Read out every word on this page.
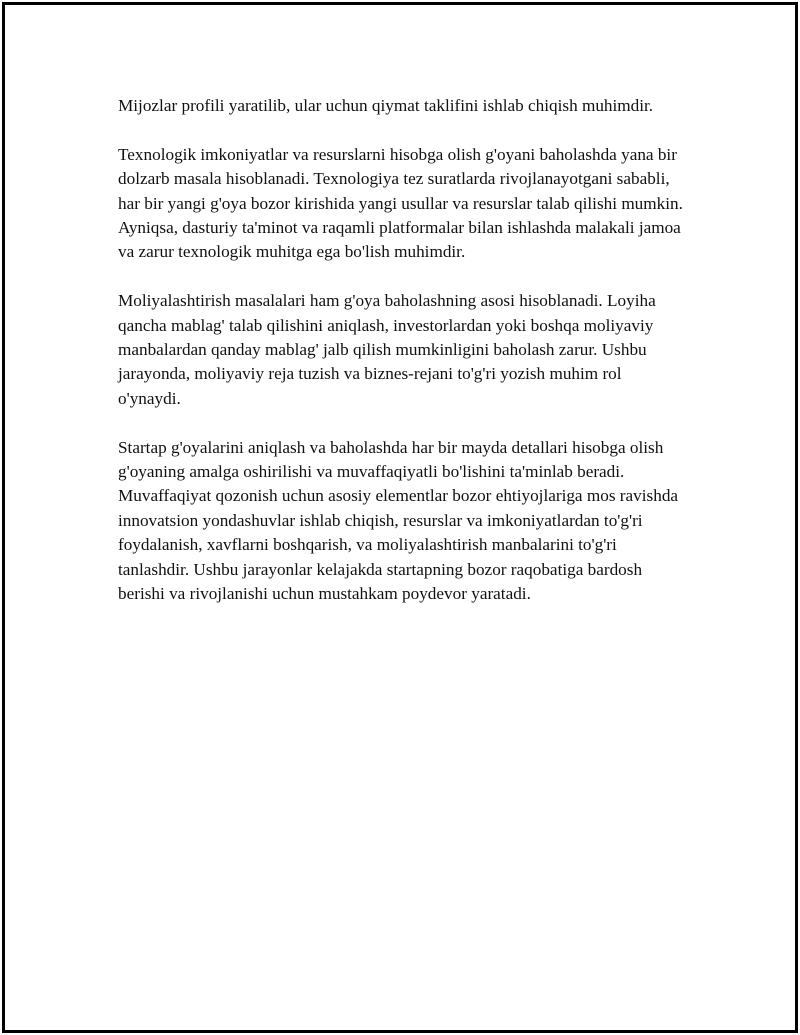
Mijozlar profili yaratilib, ular uchun qiymat taklifini ishlab chiqish muhimdir.

Texnologik imkoniyatlar va resurslarni hisobga olish g'oyani baholashda yana bir dolzarb masala hisoblanadi. Texnologiya tez suratlarda rivojlanayotgani sababli, har bir yangi g'oya bozor kirishida yangi usullar va resurslar talab qilishi mumkin. Ayniqsa, dasturiy ta'minot va raqamli platformalar bilan ishlashda malakali jamoa va zarur texnologik muhitga ega bo'lish muhimdir.

Moliyalashtirish masalalari ham g'oya baholashning asosi hisoblanadi. Loyiha qancha mablag' talab qilishini aniqlash, investorlardan yoki boshqa moliyaviy manbalardan qanday mablag' jalb qilish mumkinligini baholash zarur. Ushbu jarayonda, moliyaviy reja tuzish va biznes-rejani to'g'ri yozish muhim rol o'ynaydi.

Startap g'oyalarini aniqlash va baholashda har bir mayda detallari hisobga olish g'oyaning amalga oshirilishi va muvaffaqiyatli bo'lishini ta'minlab beradi. Muvaffaqiyat qozonish uchun asosiy elementlar bozor ehtiyojlariga mos ravishda innovatsion yondashuvlar ishlab chiqish, resurslar va imkoniyatlardan to'g'ri foydalanish, xavflarni boshqarish, va moliyalashtirish manbalarini to'g'ri tanlashdir. Ushbu jarayonlar kelajakda startapning bozor raqobatiga bardosh berishi va rivojlanishi uchun mustahkam poydevor yaratadi.
